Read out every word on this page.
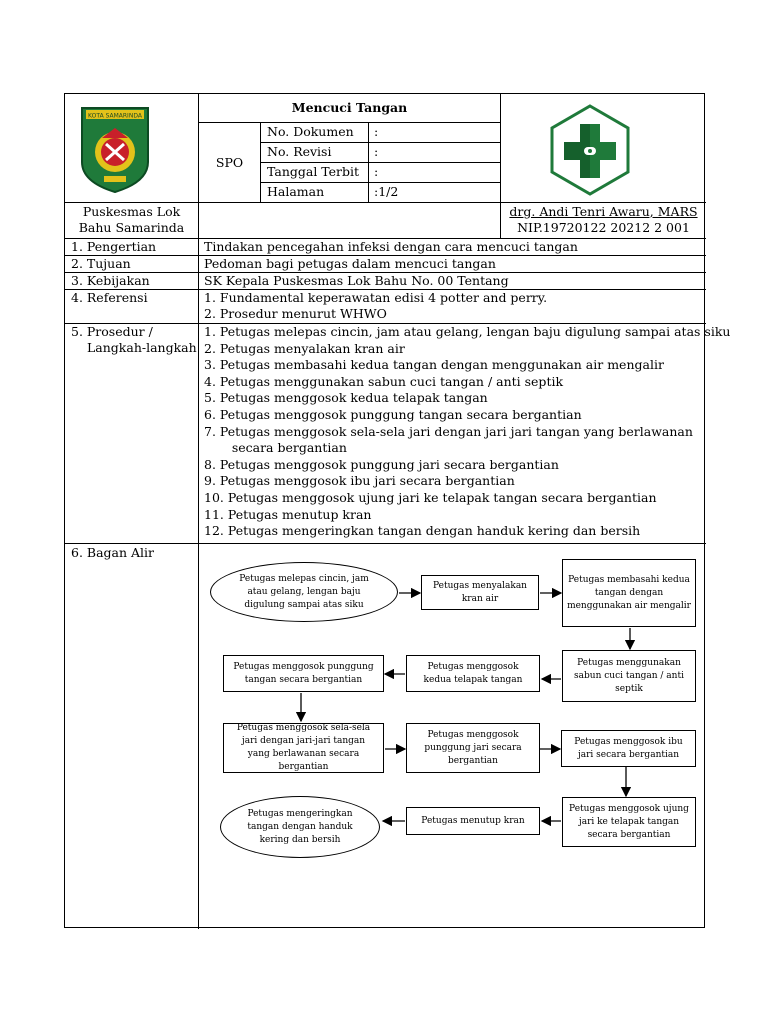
KOTA SAMARINDA
Mencuci Tangan
SPO
No. Dokumen :
No. Revisi	:
Tanggal Terbit :
Halaman	:1/2
Puskesmas Lok
Bahu Samarinda
drg. Andi Tenri Awaru, MARS
NIP.19720122 20212 2 001
1. Pengertian	Tindakan pencegahan infeksi dengan cara mencuci tangan
2. Tujuan	Pedoman bagi petugas dalam mencuci tangan
3. Kebijakan	SK Kepala Puskesmas Lok Bahu No. 00 Tentang
4. Referensi	1. Fundamental keperawatan edisi 4 potter and perry.
2. Prosedur menurut WHWO
5. Prosedur /
Langkah-langkah
1. Petugas melepas cincin, jam atau gelang, lengan baju digulung sampai atas siku
2. Petugas menyalakan kran air
3. Petugas membasahi kedua tangan dengan menggunakan air mengalir
4. Petugas menggunakan sabun cuci tangan / anti septik
5. Petugas menggosok kedua telapak tangan
6. Petugas menggosok punggung tangan secara bergantian
7. Petugas menggosok sela-sela jari dengan jari jari tangan yang berlawanan
secara bergantian
8. Petugas menggosok punggung jari secara bergantian
9. Petugas menggosok ibu jari secara bergantian
10. Petugas menggosok ujung jari ke telapak tangan secara bergantian
11. Petugas menutup kran
12. Petugas mengeringkan tangan dengan handuk kering dan bersih
6. Bagan Alir
Petugas melepas cincin, jam atau gelang, lengan baju digulung sampai atas siku
Petugas menyalakan kran air
Petugas membasahi kedua tangan dengan menggunakan air mengalir
Petugas menggunakan sabun cuci tangan / anti septik
Petugas menggosok kedua telapak tangan
Petugas menggosok punggung tangan secara bergantian
Petugas menggosok sela-sela jari dengan jari-jari tangan yang berlawanan secara bergantian
Petugas menggosok punggung jari secara bergantian
Petugas menggosok ibu jari secara bergantian
Petugas menggosok ujung jari ke telapak tangan secara bergantian
Petugas menutup kran
Petugas mengeringkan tangan dengan handuk kering dan bersih
